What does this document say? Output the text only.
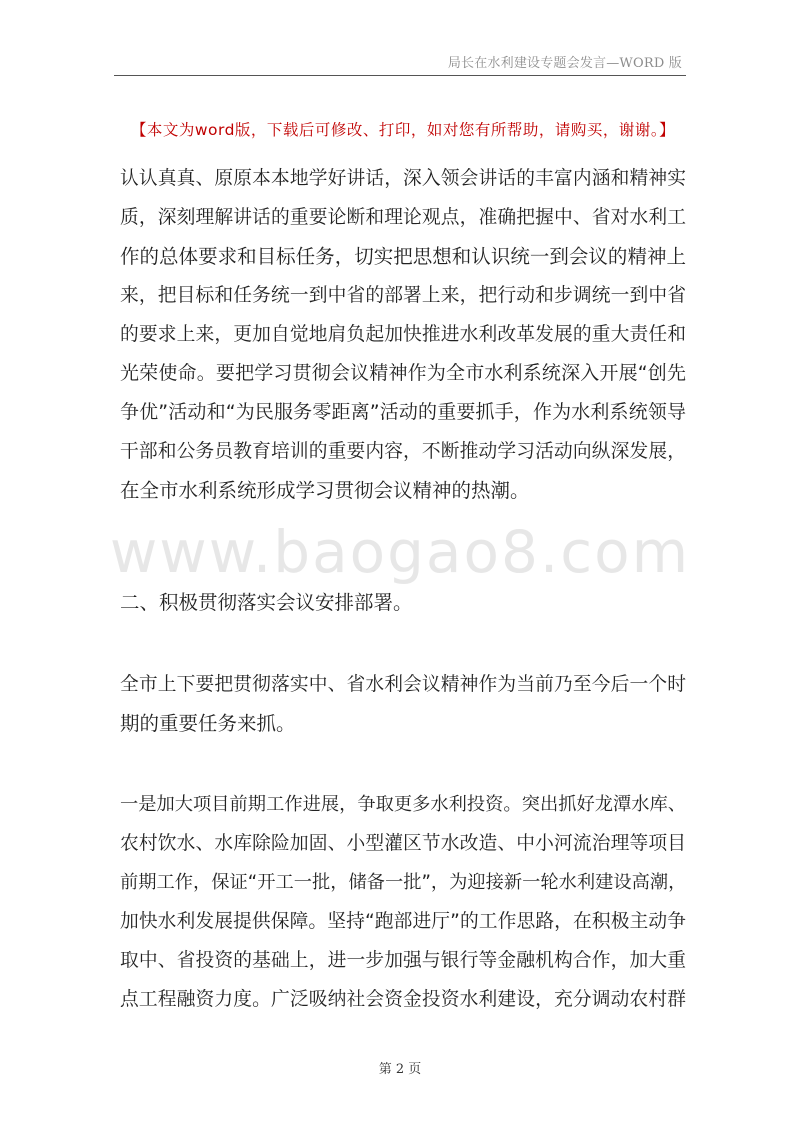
局长在水利建设专题会发言—WORD 版
【本文为word版，下载后可修改、打印，如对您有所帮助，请购买，谢谢。】
www.baogao8.com
认认真真、原原本本地学好讲话，深入领会讲话的丰富内涵和精神实
质，深刻理解讲话的重要论断和理论观点，准确把握中、省对水利工
作的总体要求和目标任务，切实把思想和认识统一到会议的精神上
来，把目标和任务统一到中省的部署上来，把行动和步调统一到中省
的要求上来，更加自觉地肩负起加快推进水利改革发展的重大责任和
光荣使命。要把学习贯彻会议精神作为全市水利系统深入开展“创先
争优”活动和“为民服务零距离”活动的重要抓手，作为水利系统领导
干部和公务员教育培训的重要内容，不断推动学习活动向纵深发展，
在全市水利系统形成学习贯彻会议精神的热潮。
二、积极贯彻落实会议安排部署。
全市上下要把贯彻落实中、省水利会议精神作为当前乃至今后一个时
期的重要任务来抓。
一是加大项目前期工作进展，争取更多水利投资。突出抓好龙潭水库、
农村饮水、水库除险加固、小型灌区节水改造、中小河流治理等项目
前期工作，保证“开工一批，储备一批”，为迎接新一轮水利建设高潮，
加快水利发展提供保障。坚持“跑部进厅”的工作思路，在积极主动争
取中、省投资的基础上，进一步加强与银行等金融机构合作，加大重
点工程融资力度。广泛吸纳社会资金投资水利建设，充分调动农村群
第 2 页
